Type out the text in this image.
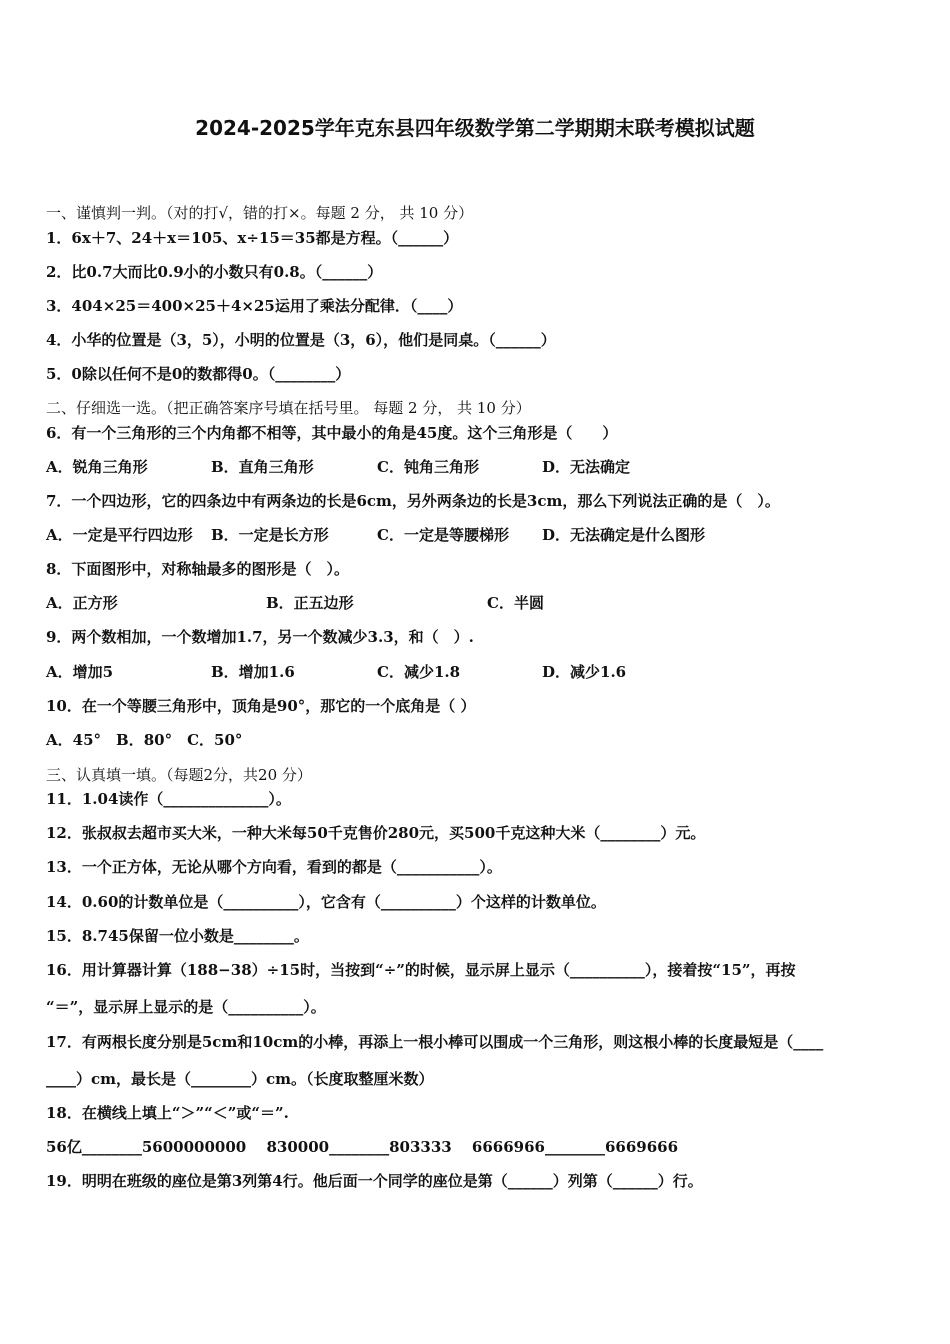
2024-2025学年克东县四年级数学第二学期期末联考模拟试题
一、谨慎判一判。（对的打√，错的打×。每题 2 分， 共 10 分）
1．6x＋7、24＋x＝105、x÷15＝35都是方程。（______）
2．比0.7大而比0.9小的小数只有0.8。（______）
3．404×25＝400×25＋4×25运用了乘法分配律．（____）
4．小华的位置是（3，5），小明的位置是（3，6），他们是同桌。（______）
5．0除以任何不是0的数都得0。（________）
二、仔细选一选。（把正确答案序号填在括号里。 每题 2 分， 共 10 分）
6．有一个三角形的三个内角都不相等，其中最小的角是45度。这个三角形是（　　）
A．锐角三角形	B．直角三角形	C．钝角三角形	D．无法确定
7．一个四边形，它的四条边中有两条边的长是6cm，另外两条边的长是3cm，那么下列说法正确的是（　）。
A．一定是平行四边形 B．一定是长方形	C．一定是等腰梯形 D．无法确定是什么图形
8．下面图形中，对称轴最多的图形是（　）。
A．正方形	B．正五边形	C．半圆
9．两个数相加，一个数增加1.7，另一个数减少3.3，和（　）.
A．增加5	B．增加1.6	C．减少1.8	D．减少1.6
10．在一个等腰三角形中，顶角是90°，那它的一个底角是（ ）
A．45°　B．80°　C．50°
三、认真填一填。（每题2分，共20 分）
11．1.04读作（______________）。
12．张叔叔去超市买大米，一种大米每50千克售价280元，买500千克这种大米（________）元。
13．一个正方体，无论从哪个方向看，看到的都是（___________）。
14．0.60的计数单位是（__________），它含有（__________）个这样的计数单位。
15．8.745保留一位小数是________。
16．用计算器计算（188−38）÷15时，当按到“÷”的时候，显示屏上显示（__________），接着按“15”，再按
“＝”，显示屏上显示的是（__________）。
17．有两根长度分别是5cm和10cm的小棒，再添上一根小棒可以围成一个三角形，则这根小棒的长度最短是（____
____）cm，最长是（________）cm。（长度取整厘米数）
18．在横线上填上“＞”“＜”或“＝”.
56亿________5600000000　 830000________803333　 6666966________6669666
19．明明在班级的座位是第3列第4行。他后面一个同学的座位是第（______）列第（______）行。
